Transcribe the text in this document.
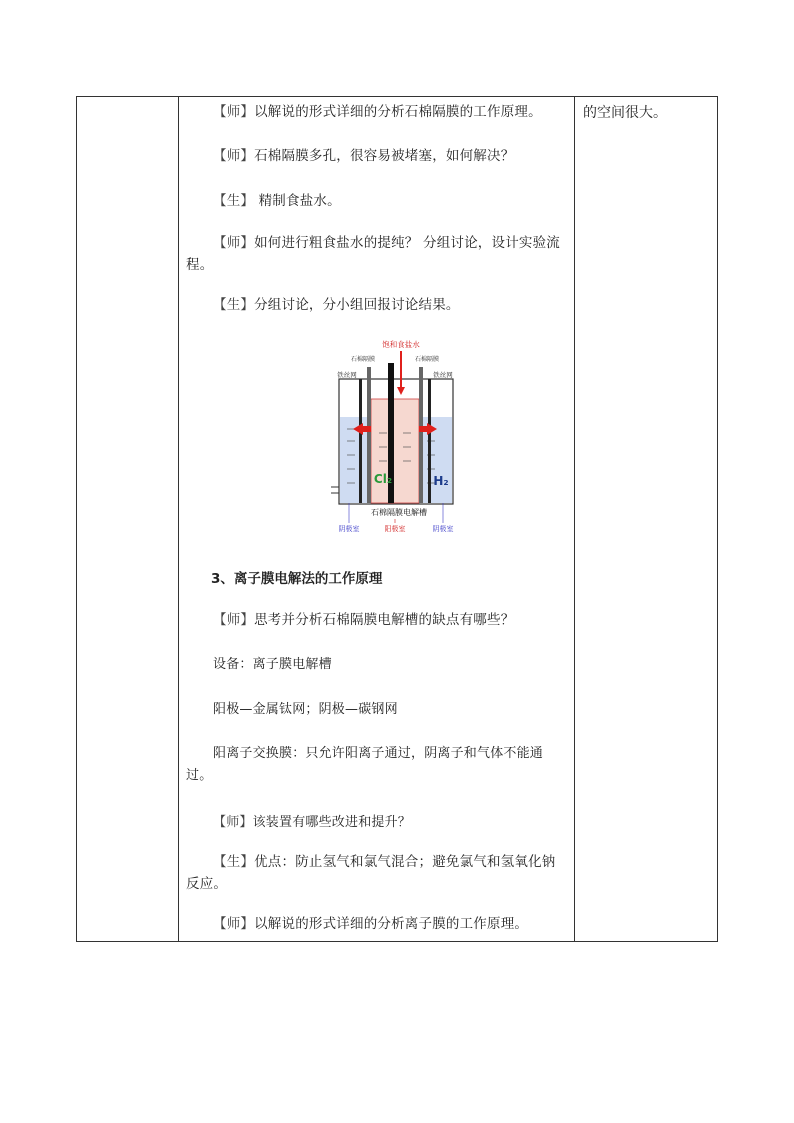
的空间很大。
【师】以解说的形式详细的分析石棉隔膜的工作原理。
【师】石棉隔膜多孔，很容易被堵塞，如何解决？
【生】 精制食盐水。
【师】如何进行粗食盐水的提纯？ 分组讨论，设计实验流程。
【生】分组讨论，分小组回报讨论结果。
饱和食盐水
石棉隔膜	石棉隔膜
铁丝网	铁丝网
Cl₂	H₂
石棉隔膜电解槽
阴极室	阳极室	阴极室
3、离子膜电解法的工作原理
【师】思考并分析石棉隔膜电解槽的缺点有哪些？
设备：离子膜电解槽
阳极—金属钛网；阴极—碳钢网
阳离子交换膜：只允许阳离子通过，阴离子和气体不能通过。
【师】该装置有哪些改进和提升？
【生】优点：防止氢气和氯气混合；避免氯气和氢氧化钠反应。
【师】以解说的形式详细的分析离子膜的工作原理。
